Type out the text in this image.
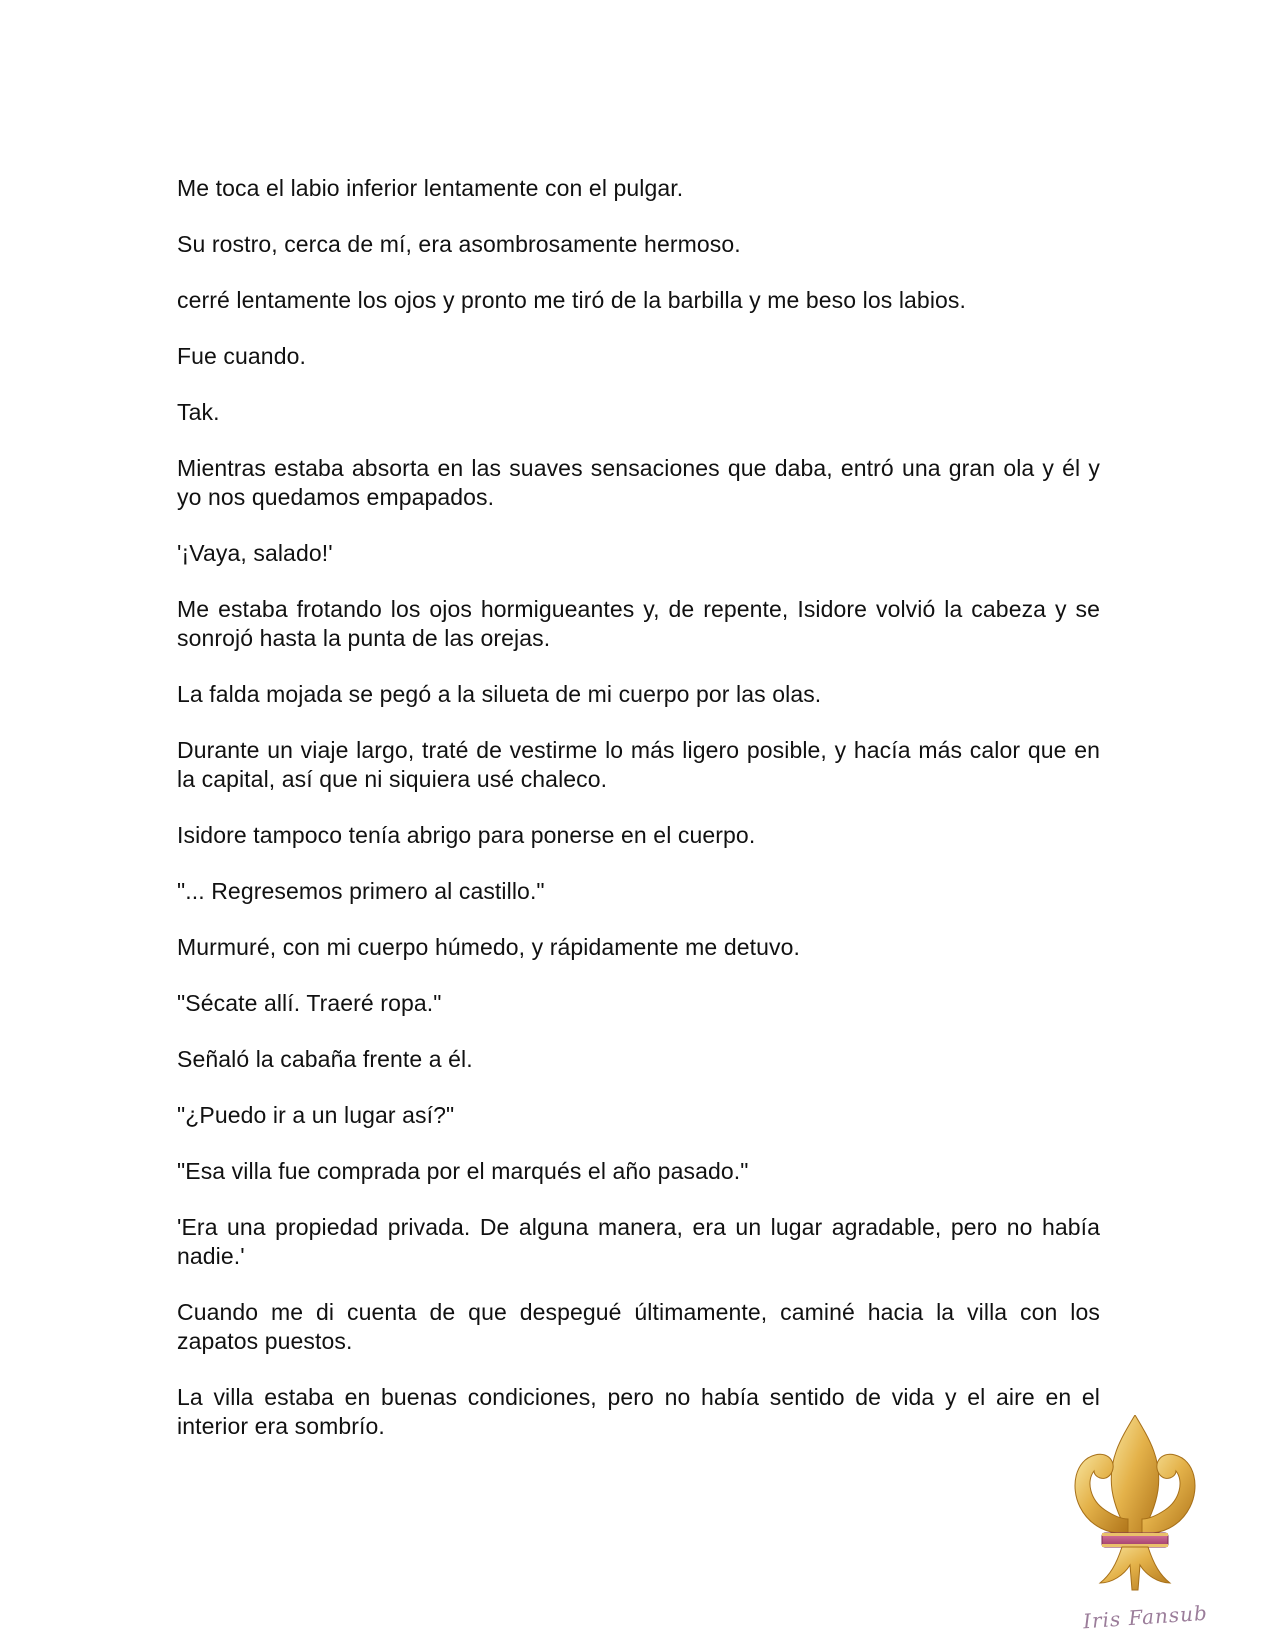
Me toca el labio inferior lentamente con el pulgar.

Su rostro, cerca de mí, era asombrosamente hermoso.

cerré lentamente los ojos y pronto me tiró de la barbilla y me beso los labios.

Fue cuando.

Tak.

Mientras estaba absorta en las suaves sensaciones que daba, entró una gran ola y él y yo nos quedamos empapados.

'¡Vaya, salado!'

Me estaba frotando los ojos hormigueantes y, de repente, Isidore volvió la cabeza y se sonrojó hasta la punta de las orejas.

La falda mojada se pegó a la silueta de mi cuerpo por las olas.

Durante un viaje largo, traté de vestirme lo más ligero posible, y hacía más calor que en la capital, así que ni siquiera usé chaleco.

Isidore tampoco tenía abrigo para ponerse en el cuerpo.

"... Regresemos primero al castillo."

Murmuré, con mi cuerpo húmedo, y rápidamente me detuvo.

"Sécate allí. Traeré ropa."

Señaló la cabaña frente a él.

"¿Puedo ir a un lugar así?"

"Esa villa fue comprada por el marqués el año pasado."

'Era una propiedad privada. De alguna manera, era un lugar agradable, pero no había nadie.'

Cuando me di cuenta de que despegué últimamente, caminé hacia la villa con los zapatos puestos.

La villa estaba en buenas condiciones, pero no había sentido de vida y el aire en el interior era sombrío.

Iris Fansub
